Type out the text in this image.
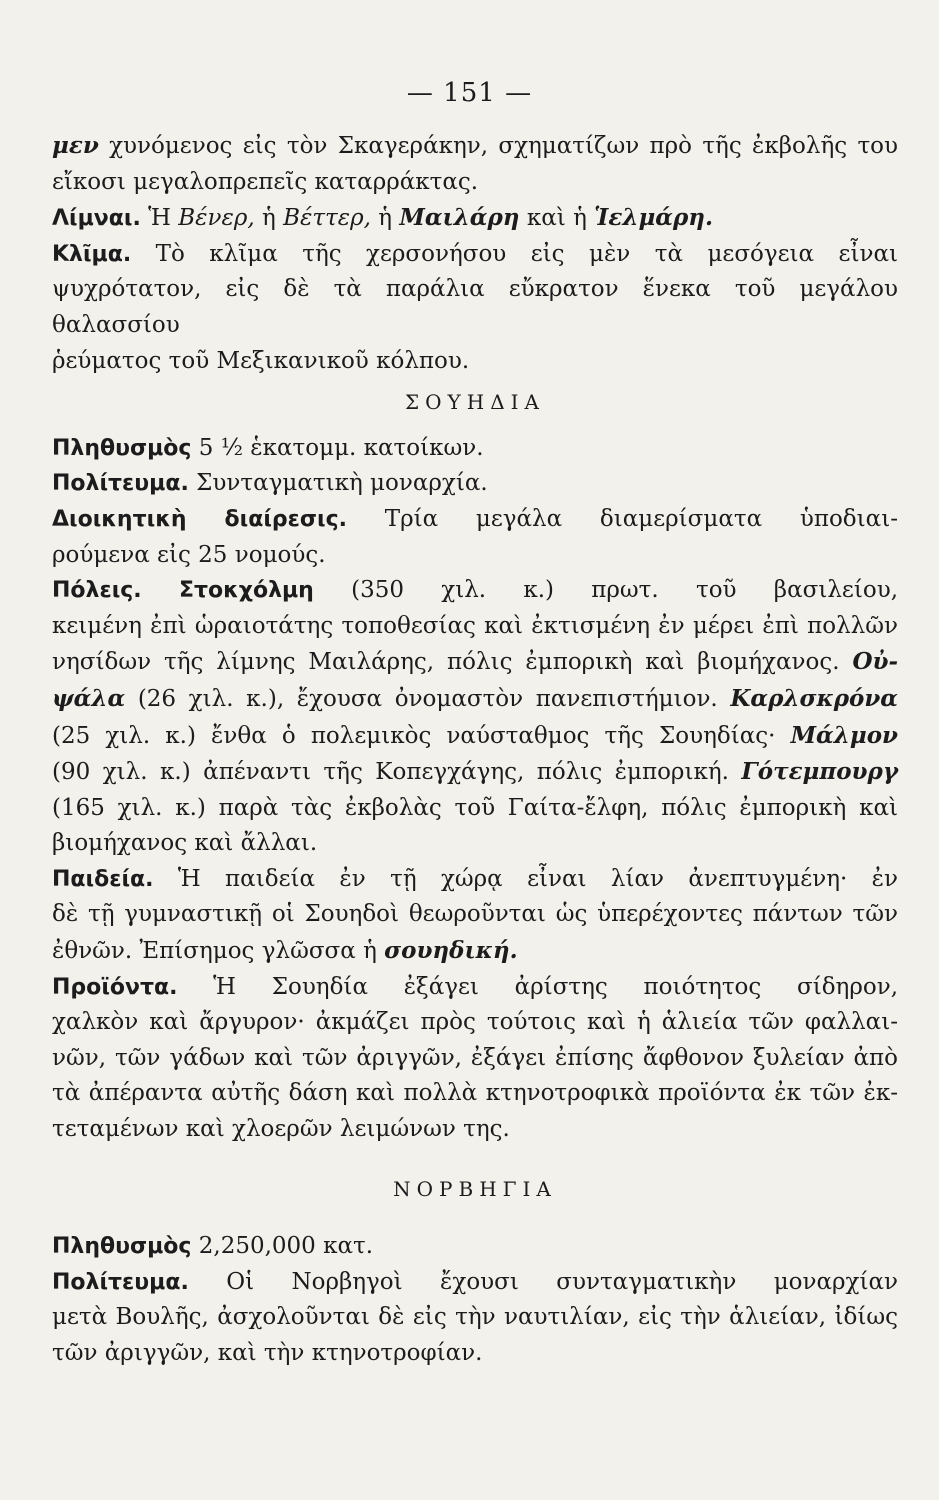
— 151 —

μεν χυνόμενος εἰς τὸν Σκαγεράκην, σχηματίζων πρὸ τῆς ἐκβολῆς του
εἴκοσι μεγαλοπρεπεῖς καταρράκτας.

Λίμναι. Ἡ Βένερ, ἡ Βέττερ, ἡ Μαιλάρη καὶ ἡ Ἱελμάρη.

Κλῖμα. Τὸ κλῖμα τῆς χερσονήσου εἰς μὲν τὰ μεσόγεια εἶναι
ψυχρότατον, εἰς δὲ τὰ παράλια εὔκρατον ἕνεκα τοῦ μεγάλου θαλασσίου
ῥεύματος τοῦ Μεξικανικοῦ κόλπου.

ΣΟΥΗΔΙΑ

Πληθυσμὸς 5 ½ ἑκατομμ. κατοίκων.

Πολίτευμα. Συνταγματικὴ μοναρχία.

Διοικητικὴ διαίρεσις. Τρία μεγάλα διαμερίσματα ὑποδιαι-
ρούμενα εἰς 25 νομούς.

Πόλεις. Στοκχόλμη (350 χιλ. κ.) πρωτ. τοῦ βασιλείου,
κειμένη ἐπὶ ὡραιοτάτης τοποθεσίας καὶ ἐκτισμένη ἐν μέρει ἐπὶ πολλῶν
νησίδων τῆς λίμνης Μαιλάρης, πόλις ἐμπορικὴ καὶ βιομήχανος. Οὐ-
ψάλα (26 χιλ. κ.), ἔχουσα ὀνομαστὸν πανεπιστήμιον. Καρλσκρόνα
(25 χιλ. κ.) ἔνθα ὁ πολεμικὸς ναύσταθμος τῆς Σουηδίας· Μάλμον
(90 χιλ. κ.) ἀπέναντι τῆς Κοπεγχάγης, πόλις ἐμπορική. Γότεμπουργ
(165 χιλ. κ.) παρὰ τὰς ἐκβολὰς τοῦ Γαίτα-ἔλφη, πόλις ἐμπορικὴ καὶ
βιομήχανος καὶ ἄλλαι.

Παιδεία. Ἡ παιδεία ἐν τῇ χώρᾳ εἶναι λίαν ἀνεπτυγμένη· ἐν
δὲ τῇ γυμναστικῇ οἱ Σουηδοὶ θεωροῦνται ὡς ὑπερέχοντες πάντων τῶν
ἐθνῶν. Ἐπίσημος γλῶσσα ἡ σουηδική.

Προϊόντα. Ἡ Σουηδία ἐξάγει ἀρίστης ποιότητος σίδηρον,
χαλκὸν καὶ ἄργυρον· ἀκμάζει πρὸς τούτοις καὶ ἡ ἁλιεία τῶν φαλλαι-
νῶν, τῶν γάδων καὶ τῶν ἀριγγῶν, ἐξάγει ἐπίσης ἄφθονον ξυλείαν ἀπὸ
τὰ ἀπέραντα αὐτῆς δάση καὶ πολλὰ κτηνοτροφικὰ προϊόντα ἐκ τῶν ἐκ-
τεταμένων καὶ χλοερῶν λειμώνων της.

ΝΟΡΒΗΓΙΑ

Πληθυσμὸς 2,250,000 κατ.

Πολίτευμα. Οἱ Νορβηγοὶ ἔχουσι συνταγματικὴν μοναρχίαν
μετὰ Βουλῆς, ἀσχολοῦνται δὲ εἰς τὴν ναυτιλίαν, εἰς τὴν ἁλιείαν, ἰδίως
τῶν ἀριγγῶν, καὶ τὴν κτηνοτροφίαν.
